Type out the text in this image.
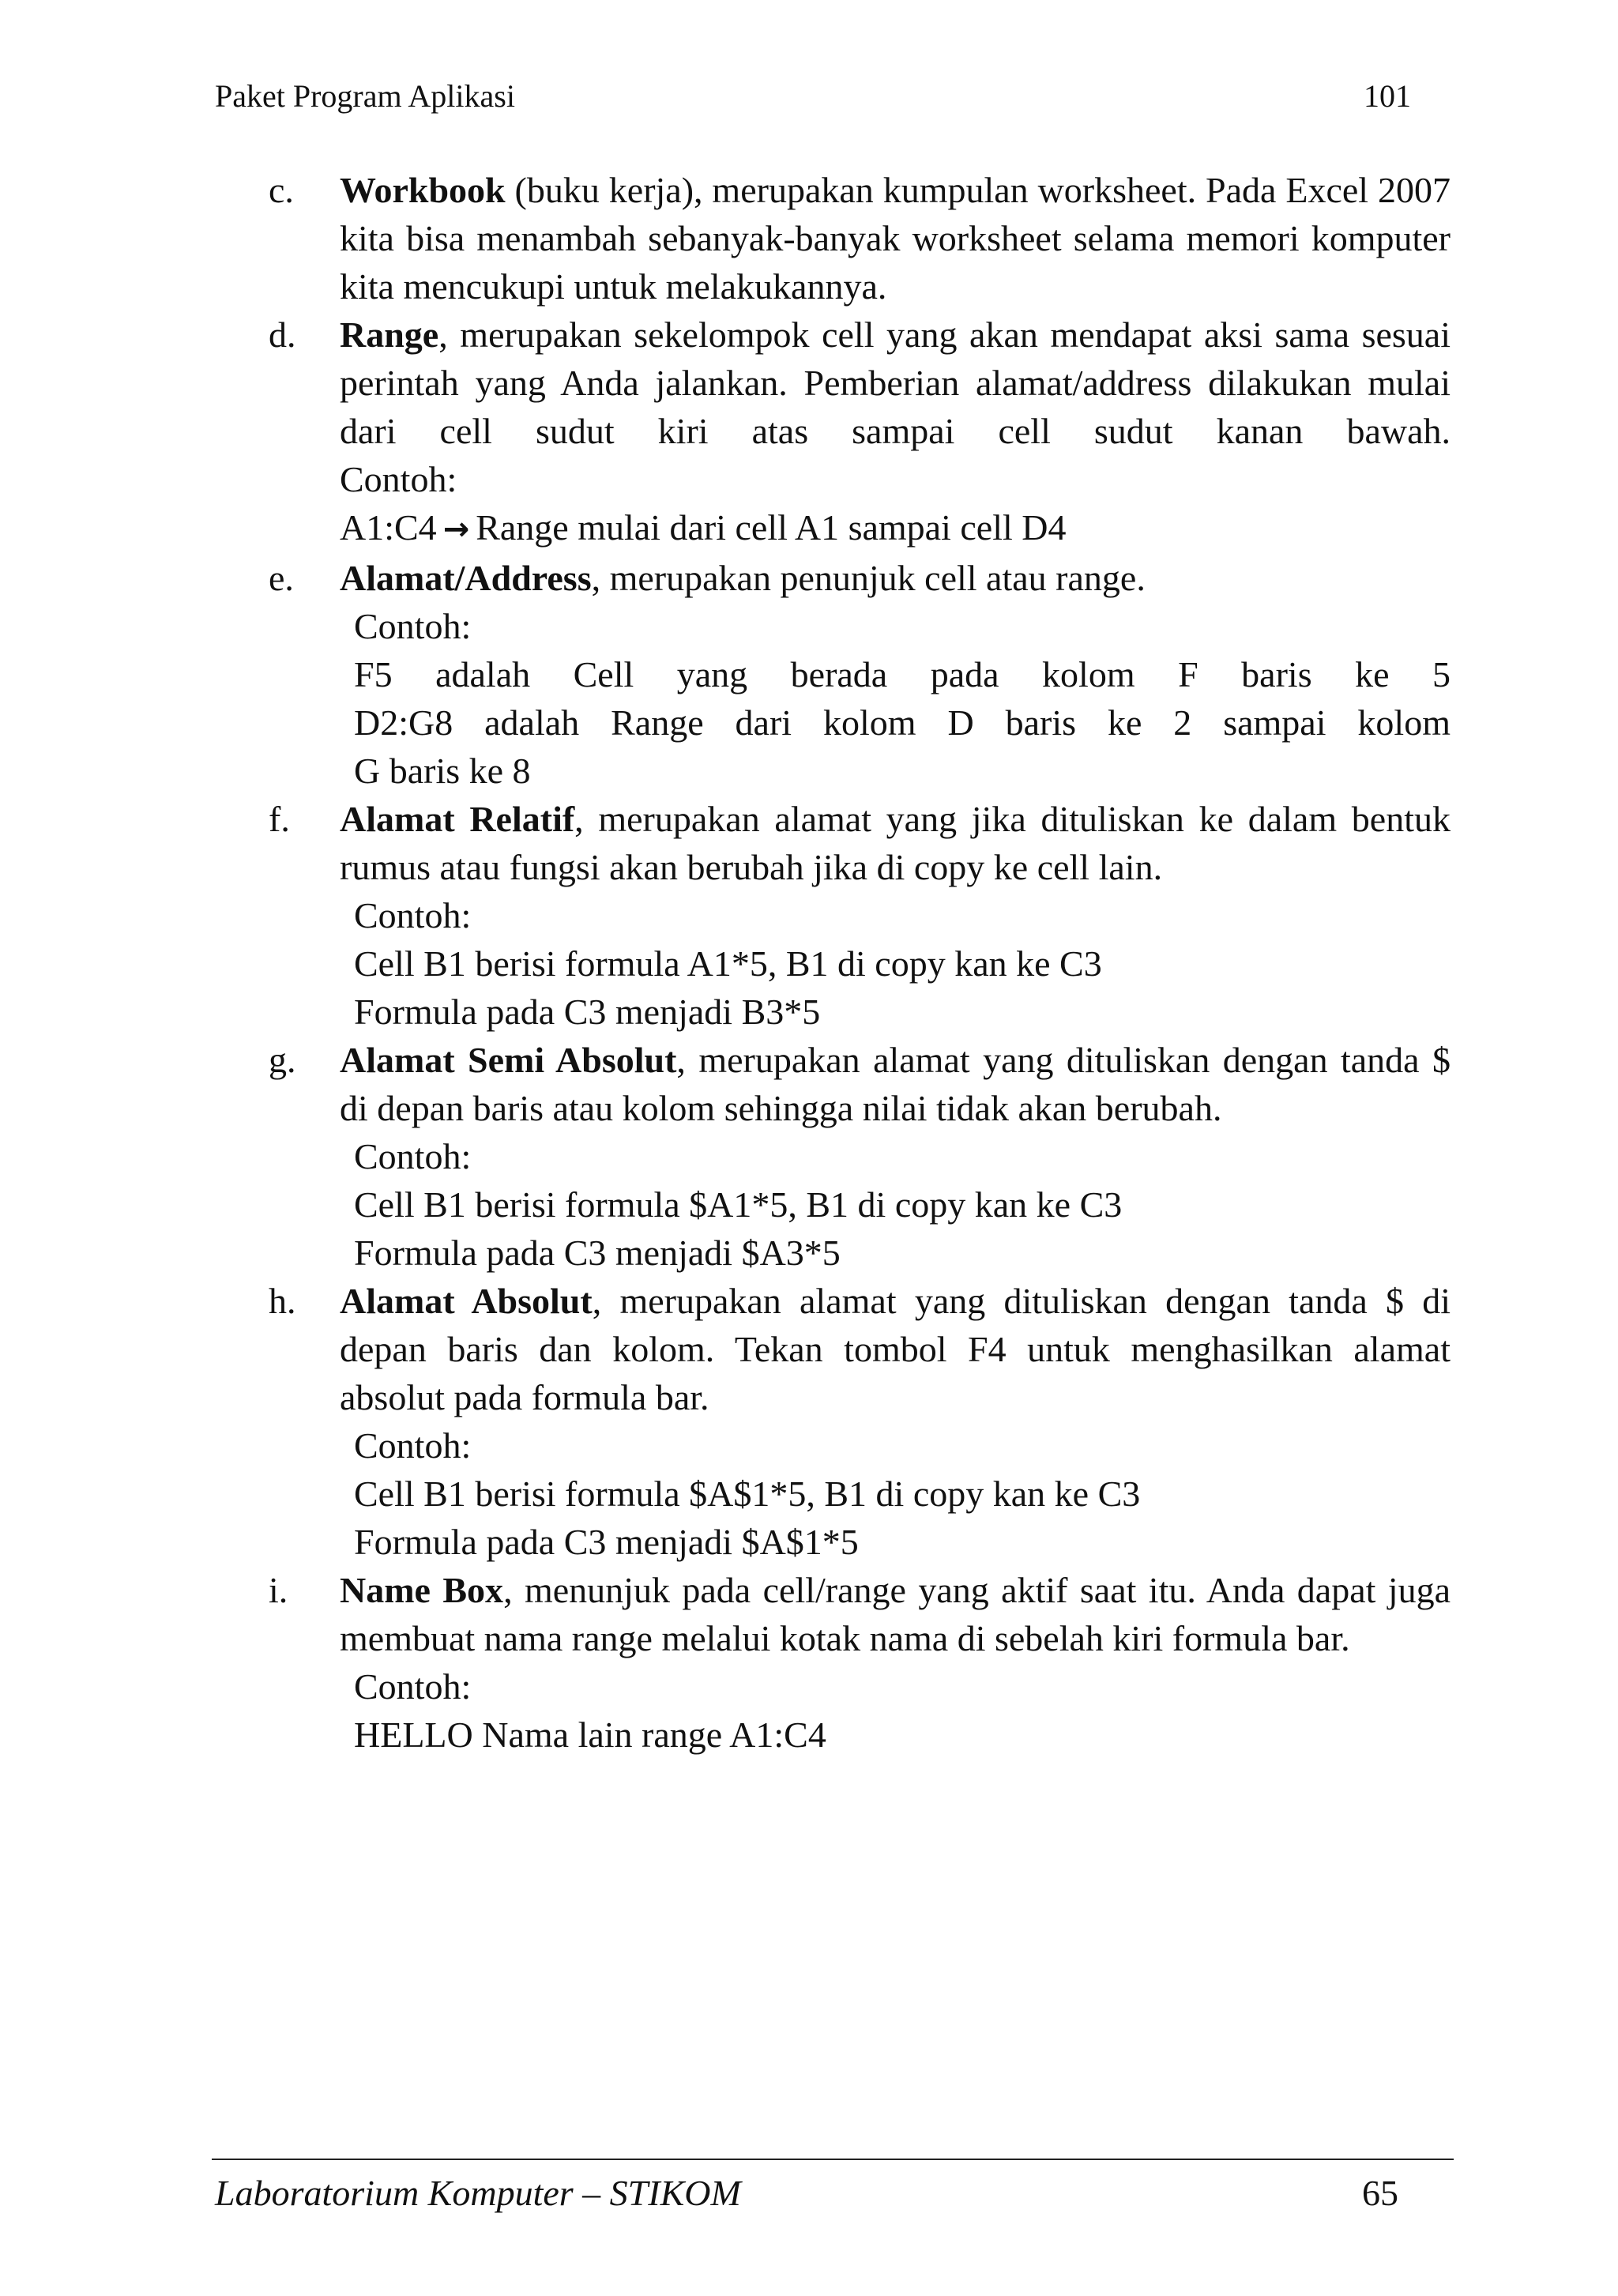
Paket Program Aplikasi	101
c. Workbook (buku kerja), merupakan kumpulan worksheet. Pada Excel 2007 kita bisa menambah sebanyak-banyak worksheet selama memori komputer kita mencukupi untuk melakukannya.
d. Range, merupakan sekelompok cell yang akan mendapat aksi sama sesuai perintah yang Anda jalankan. Pemberian alamat/address dilakukan mulai dari cell sudut kiri atas sampai cell sudut kanan bawah.
Contoh:
A1:C4 → Range mulai dari cell A1 sampai cell D4
e. Alamat/Address, merupakan penunjuk cell atau range.
Contoh:
F5 adalah Cell yang berada pada kolom F baris ke 5
D2:G8 adalah Range dari kolom D baris ke 2 sampai kolom
G baris ke 8
f. Alamat Relatif, merupakan alamat yang jika dituliskan ke dalam bentuk rumus atau fungsi akan berubah jika di copy ke cell lain.
Contoh:
Cell B1 berisi formula A1*5, B1 di copy kan ke C3
Formula pada C3 menjadi B3*5
g. Alamat Semi Absolut, merupakan alamat yang dituliskan dengan tanda $ di depan baris atau kolom sehingga nilai tidak akan berubah.
Contoh:
Cell B1 berisi formula $A1*5, B1 di copy kan ke C3
Formula pada C3 menjadi $A3*5
h. Alamat Absolut, merupakan alamat yang dituliskan dengan tanda $ di depan baris dan kolom. Tekan tombol F4 untuk menghasilkan alamat absolut pada formula bar.
Contoh:
Cell B1 berisi formula $A$1*5, B1 di copy kan ke C3
Formula pada C3 menjadi $A$1*5
i. Name Box, menunjuk pada cell/range yang aktif saat itu. Anda dapat juga membuat nama range melalui kotak nama di sebelah kiri formula bar.
Contoh:
HELLO Nama lain range A1:C4
Laboratorium Komputer – STIKOM	65
